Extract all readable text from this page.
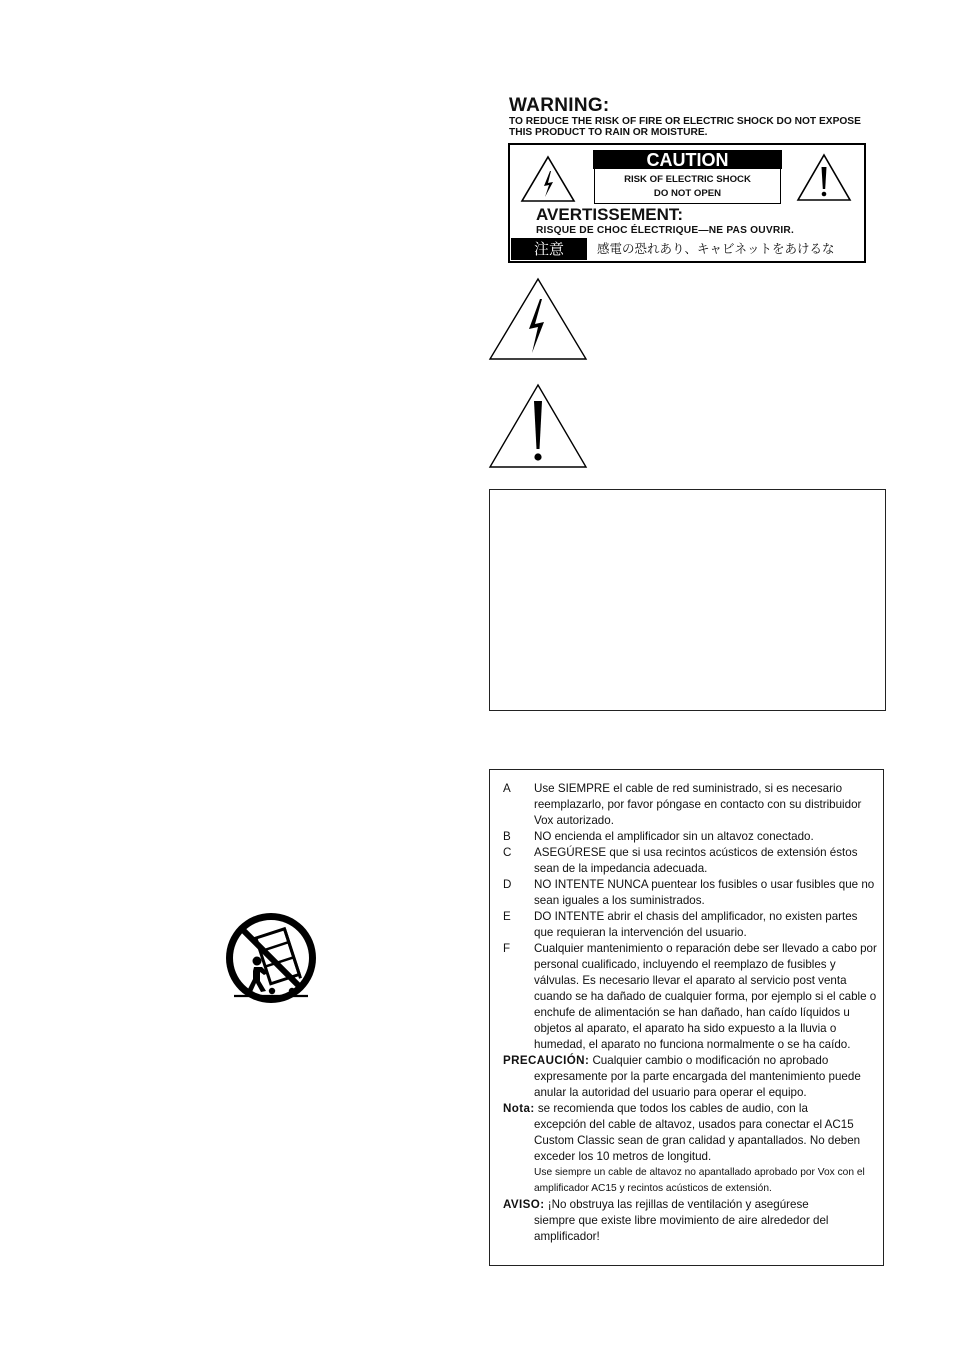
WARNING:
TO REDUCE THE RISK OF FIRE OR ELECTRIC SHOCK DO NOT EXPOSE THIS PRODUCT TO RAIN OR MOISTURE.
CAUTION
RISK OF ELECTRIC SHOCK
DO NOT OPEN
AVERTISSEMENT:
RISQUE DE CHOC ÉLECTRIQUE—NE PAS OUVRIR.
注意	感電の恐れあり、キャビネットをあけるな
A	Use SIEMPRE el cable de red suministrado, si es necesario reemplazarlo, por favor póngase en contacto con su distribuidor Vox autorizado.
B	NO encienda el amplificador sin un altavoz conectado.
C	ASEGÚRESE que si usa recintos acústicos de extensión éstos sean de la impedancia adecuada.
D	NO INTENTE NUNCA puentear los fusibles o usar fusibles que no sean iguales a los suministrados.
E	DO INTENTE abrir el chasis del amplificador, no existen partes que requieran la intervención del usuario.
F	Cualquier mantenimiento o reparación debe ser llevado a cabo por personal cualificado, incluyendo el reemplazo de fusibles y válvulas. Es necesario llevar el aparato al servicio post venta cuando se ha dañado de cualquier forma, por ejemplo si el cable o enchufe de alimentación se han dañado, han caído líquidos u objetos al aparato, el aparato ha sido expuesto a la lluvia o humedad, el aparato no funciona normalmente o se ha caído.
PRECAUCIÓN: Cualquier cambio o modificación no aprobado
expresamente por la parte encargada del mantenimiento puede anular la autoridad del usuario para operar el equipo.
Nota: se recomienda que todos los cables de audio, con la
excepción del cable de altavoz, usados para conectar el AC15 Custom Classic sean de gran calidad y apantallados. No deben exceder los 10 metros de longitud.
Use siempre un cable de altavoz no apantallado aprobado por Vox con el amplificador AC15 y recintos acústicos de extensión.
AVISO: ¡No obstruya las rejillas de ventilación y asegúrese
siempre que existe libre movimiento de aire alrededor del amplificador!
